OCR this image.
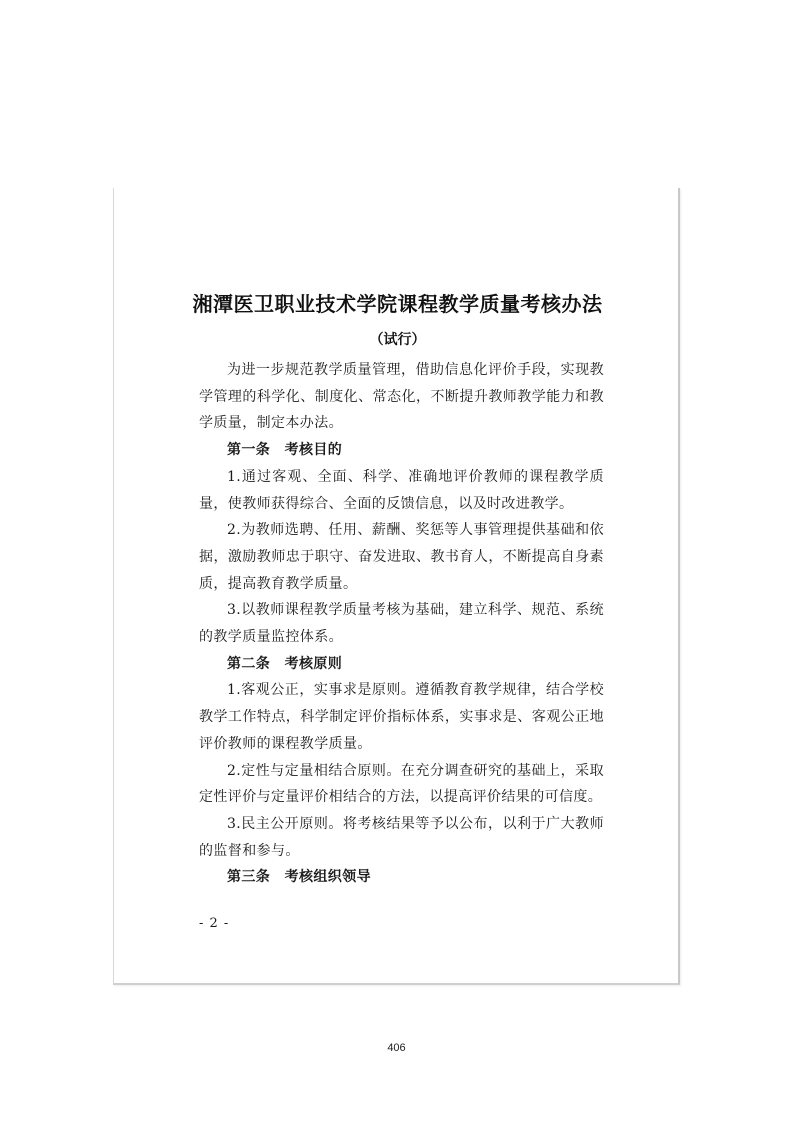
湘潭医卫职业技术学院课程教学质量考核办法
（试行）

为进一步规范教学质量管理，借助信息化评价手段，实现教学管理的科学化、制度化、常态化，不断提升教师教学能力和教学质量，制定本办法。

第一条　考核目的

1.通过客观、全面、科学、准确地评价教师的课程教学质量，使教师获得综合、全面的反馈信息，以及时改进教学。

2.为教师选聘、任用、薪酬、奖惩等人事管理提供基础和依据，激励教师忠于职守、奋发进取、教书育人，不断提高自身素质，提高教育教学质量。

3.以教师课程教学质量考核为基础，建立科学、规范、系统的教学质量监控体系。

第二条　考核原则

1.客观公正，实事求是原则。遵循教育教学规律，结合学校教学工作特点，科学制定评价指标体系，实事求是、客观公正地评价教师的课程教学质量。

2.定性与定量相结合原则。在充分调查研究的基础上，采取定性评价与定量评价相结合的方法，以提高评价结果的可信度。

3.民主公开原则。将考核结果等予以公布，以利于广大教师的监督和参与。

第三条　考核组织领导
- 2 -
406
